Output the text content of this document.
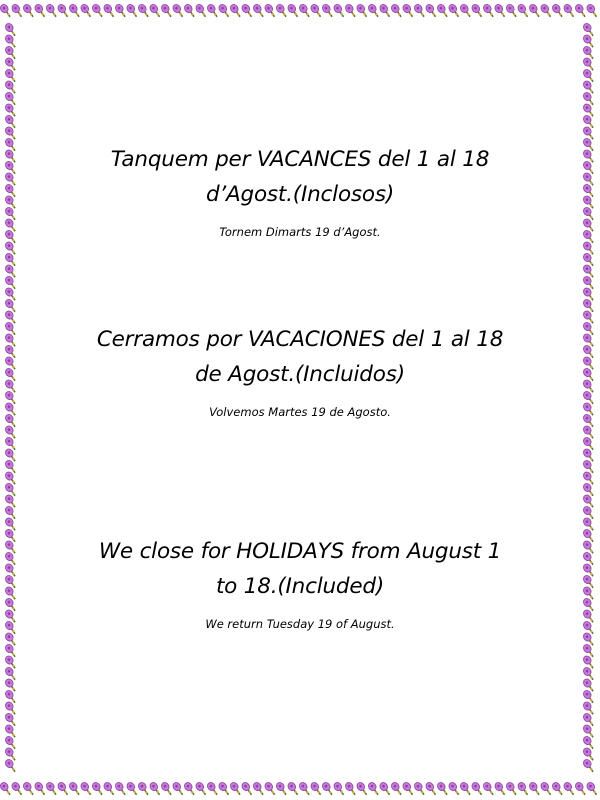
Tanquem per VACANCES del 1 al 18
d’Agost.(Inclosos)

Tornem Dimarts 19 d’Agost.

Cerramos por VACACIONES del 1 al 18
de Agost.(Incluidos)

Volvemos Martes 19 de Agosto.

We close for HOLIDAYS from August 1
to 18.(Included)

We return Tuesday 19 of August.
